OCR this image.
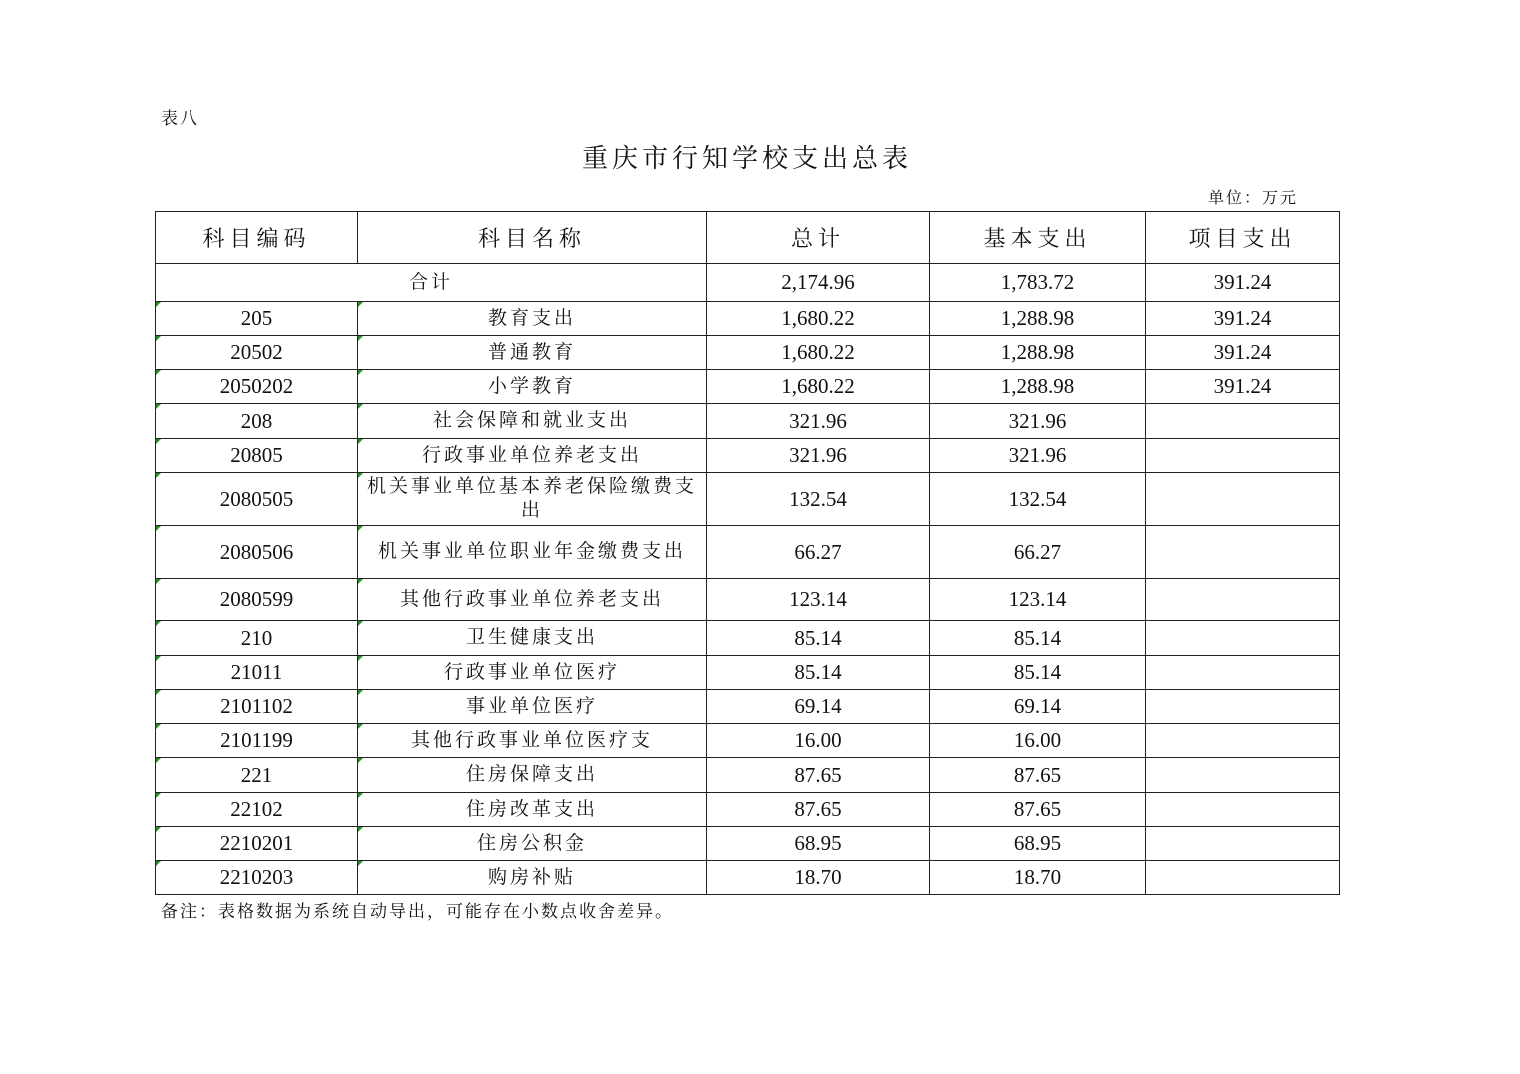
表八
重庆市行知学校支出总表
单位：万元
科目编码	科目名称	总计	基本支出	项目支出
合计		2,174.96	1,783.72	391.24
205	教育支出	1,680.22	1,288.98	391.24
20502	普通教育	1,680.22	1,288.98	391.24
2050202	小学教育	1,680.22	1,288.98	391.24
208	社会保障和就业支出	321.96	321.96	
20805	行政事业单位养老支出	321.96	321.96	
2080505	机关事业单位基本养老保险缴费支出	132.54	132.54	
2080506	机关事业单位职业年金缴费支出	66.27	66.27	
2080599	其他行政事业单位养老支出	123.14	123.14	
210	卫生健康支出	85.14	85.14	
21011	行政事业单位医疗	85.14	85.14	
2101102	事业单位医疗	69.14	69.14	
2101199	其他行政事业单位医疗支	16.00	16.00	
221	住房保障支出	87.65	87.65	
22102	住房改革支出	87.65	87.65	
2210201	住房公积金	68.95	68.95	
2210203	购房补贴	18.70	18.70	
备注：表格数据为系统自动导出，可能存在小数点收舍差异。
